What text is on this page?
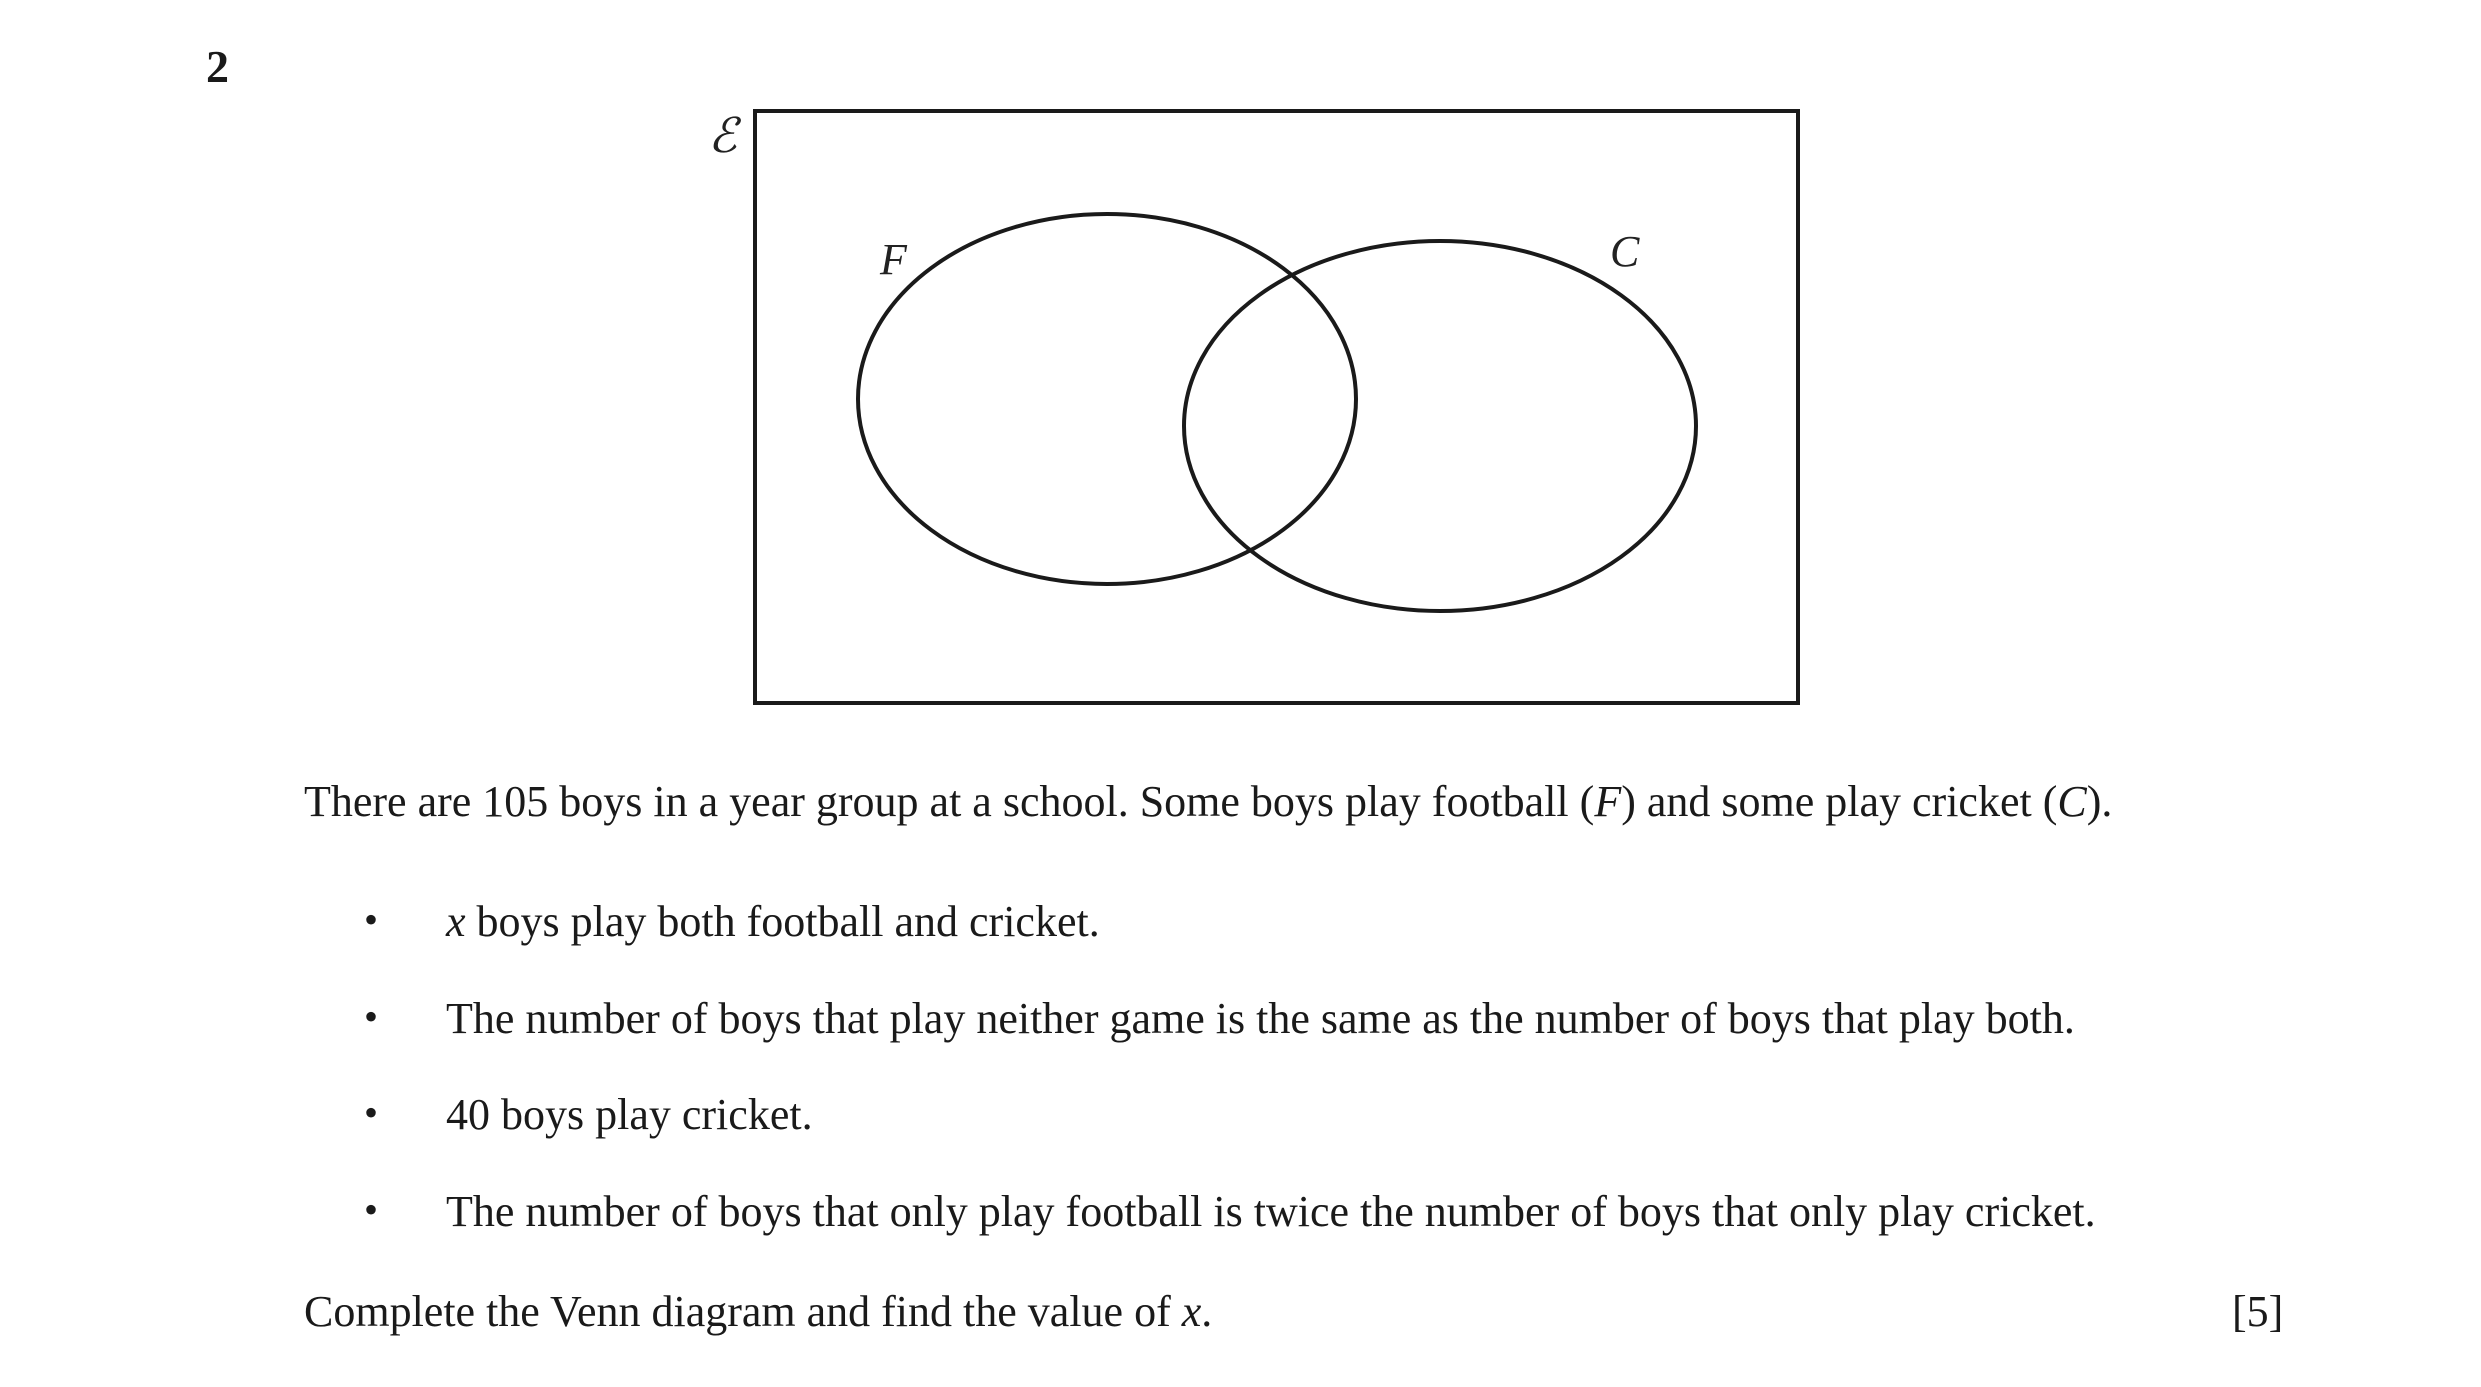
2
ℰ
F	C
There are 105 boys in a year group at a school. Some boys play football (F) and some play cricket (C).
• x boys play both football and cricket.
• The number of boys that play neither game is the same as the number of boys that play both.
• 40 boys play cricket.
• The number of boys that only play football is twice the number of boys that only play cricket.
Complete the Venn diagram and find the value of x.	[5]
